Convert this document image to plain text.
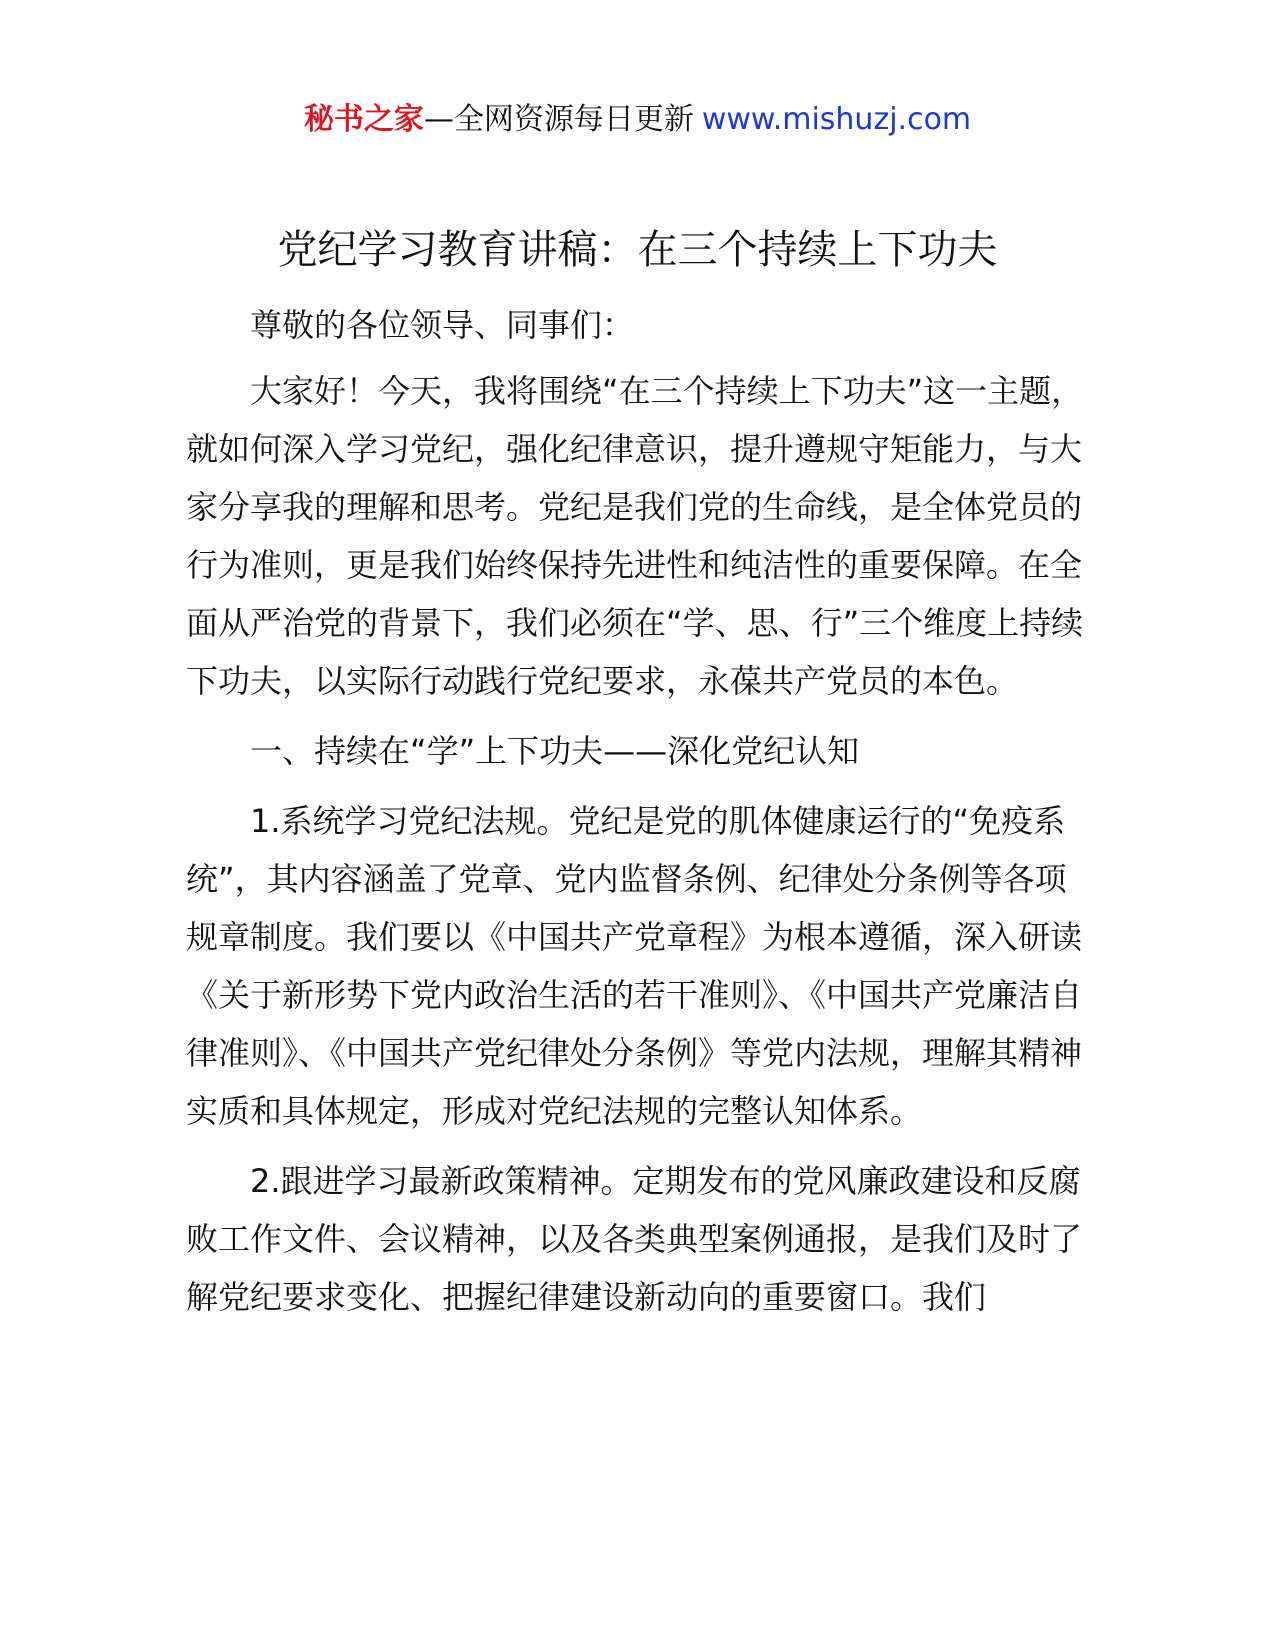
秘书之家—全网资源每日更新 www.mishuzj.com
党纪学习教育讲稿：在三个持续上下功夫

尊敬的各位领导、同事们：

大家好！今天，我将围绕“在三个持续上下功夫”这一主题，就如何深入学习党纪，强化纪律意识，提升遵规守矩能力，与大家分享我的理解和思考。党纪是我们党的生命线，是全体党员的行为准则，更是我们始终保持先进性和纯洁性的重要保障。在全面从严治党的背景下，我们必须在“学、思、行”三个维度上持续下功夫，以实际行动践行党纪要求，永葆共产党员的本色。

一、持续在“学”上下功夫——深化党纪认知

1.系统学习党纪法规。党纪是党的肌体健康运行的“免疫系统”，其内容涵盖了党章、党内监督条例、纪律处分条例等各项规章制度。我们要以《中国共产党章程》为根本遵循，深入研读《关于新形势下党内政治生活的若干准则》、《中国共产党廉洁自律准则》、《中国共产党纪律处分条例》等党内法规，理解其精神实质和具体规定，形成对党纪法规的完整认知体系。

2.跟进学习最新政策精神。定期发布的党风廉政建设和反腐败工作文件、会议精神，以及各类典型案例通报，是我们及时了解党纪要求变化、把握纪律建设新动向的重要窗口。我们
